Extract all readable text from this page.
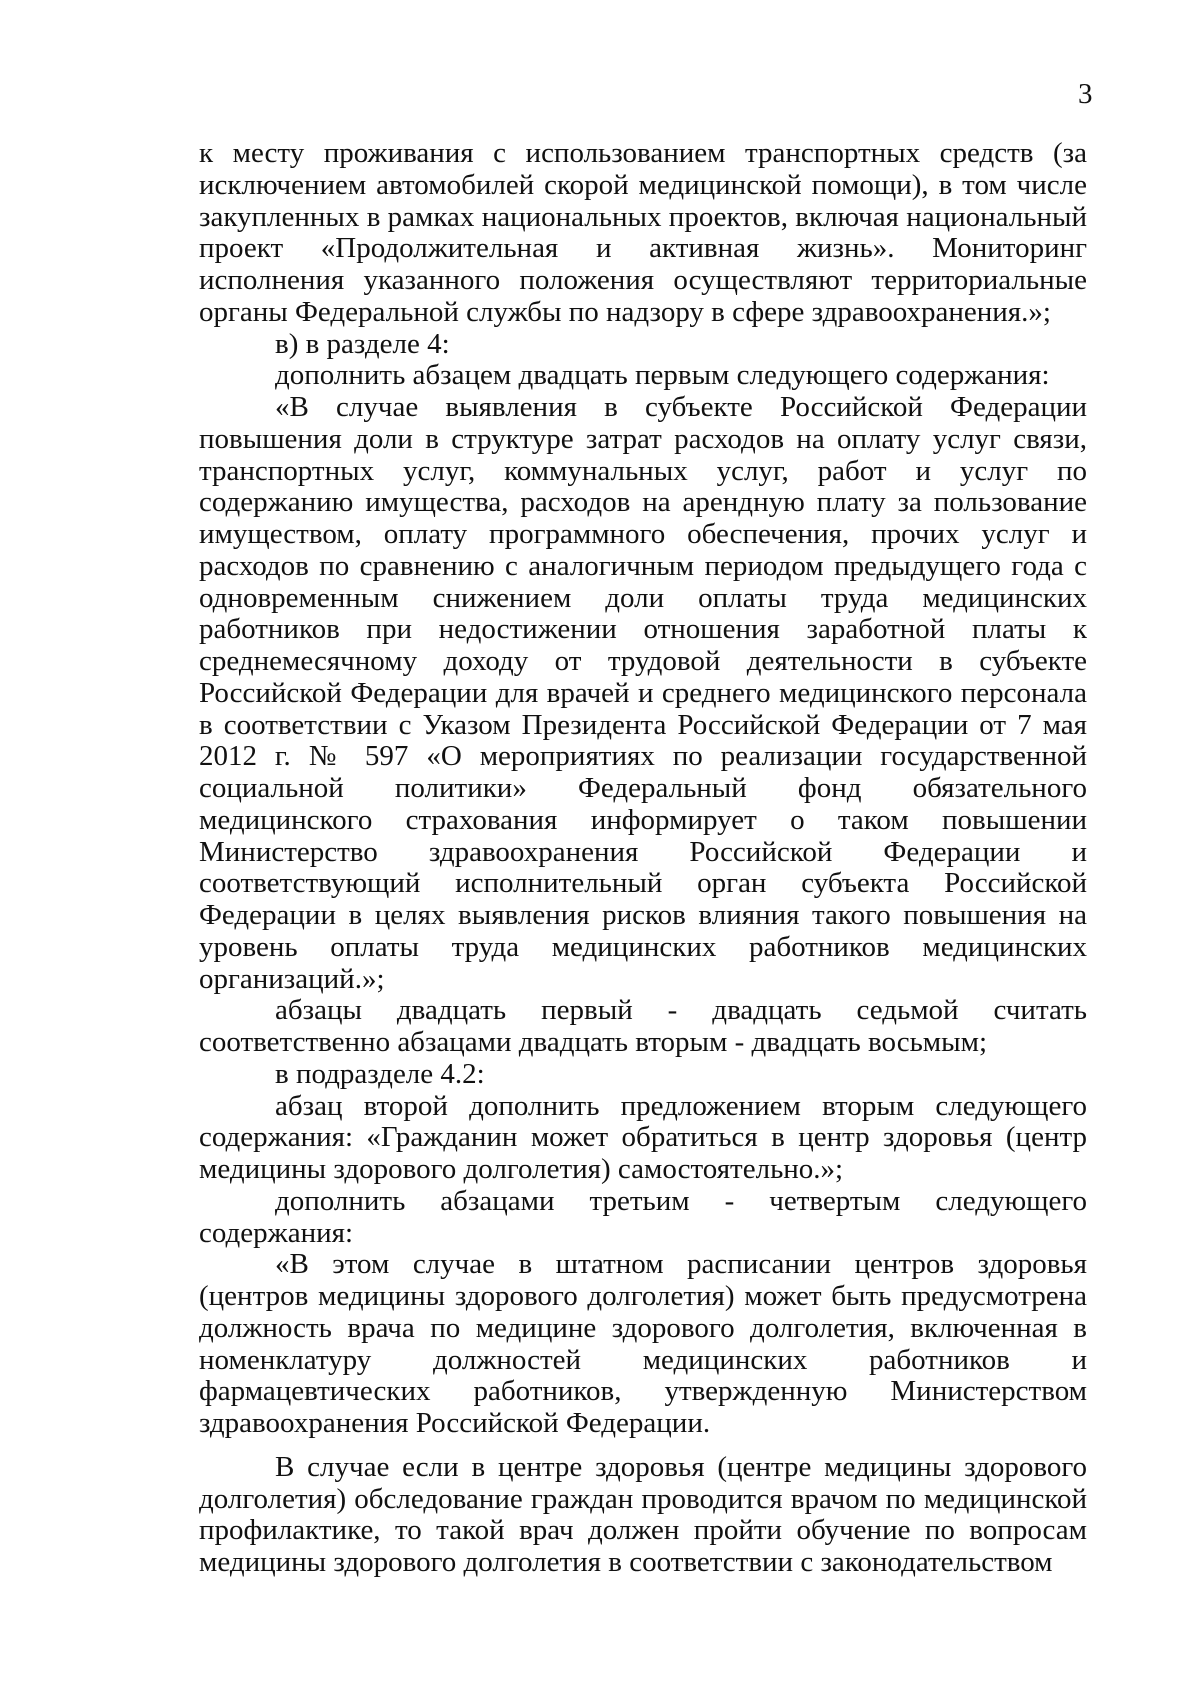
3

к месту проживания с использованием транспортных средств (за исключением автомобилей скорой медицинской помощи), в том числе закупленных в рамках национальных проектов, включая национальный проект «Продолжительная и активная жизнь». Мониторинг исполнения указанного положения осуществляют территориальные органы Федеральной службы по надзору в сфере здравоохранения.»;

в) в разделе 4:

дополнить абзацем двадцать первым следующего содержания:

«В случае выявления в субъекте Российской Федерации повышения доли в структуре затрат расходов на оплату услуг связи, транспортных услуг, коммунальных услуг, работ и услуг по содержанию имущества, расходов на арендную плату за пользование имуществом, оплату программного обеспечения, прочих услуг и расходов по сравнению с аналогичным периодом предыдущего года с одновременным снижением доли оплаты труда медицинских работников при недостижении отношения заработной платы к среднемесячному доходу от трудовой деятельности в субъекте Российской Федерации для врачей и среднего медицинского персонала в соответствии с Указом Президента Российской Федерации от 7 мая 2012 г. № 597 «О мероприятиях по реализации государственной социальной политики» Федеральный фонд обязательного медицинского страхования информирует о таком повышении Министерство здравоохранения Российской Федерации и соответствующий исполнительный орган субъекта Российской Федерации в целях выявления рисков влияния такого повышения на уровень оплаты труда медицинских работников медицинских организаций.»;

абзацы двадцать первый - двадцать седьмой считать соответственно абзацами двадцать вторым - двадцать восьмым;

в подразделе 4.2:

абзац второй дополнить предложением вторым следующего содержания: «Гражданин может обратиться в центр здоровья (центр медицины здорового долголетия) самостоятельно.»;

дополнить абзацами третьим - четвертым следующего содержания:

«В этом случае в штатном расписании центров здоровья (центров медицины здорового долголетия) может быть предусмотрена должность врача по медицине здорового долголетия, включенная в номенклатуру должностей медицинских работников и фармацевтических работников, утвержденную Министерством здравоохранения Российской Федерации.

В случае если в центре здоровья (центре медицины здорового долголетия) обследование граждан проводится врачом по медицинской профилактике, то такой врач должен пройти обучение по вопросам медицины здорового долголетия в соответствии с законодательством
